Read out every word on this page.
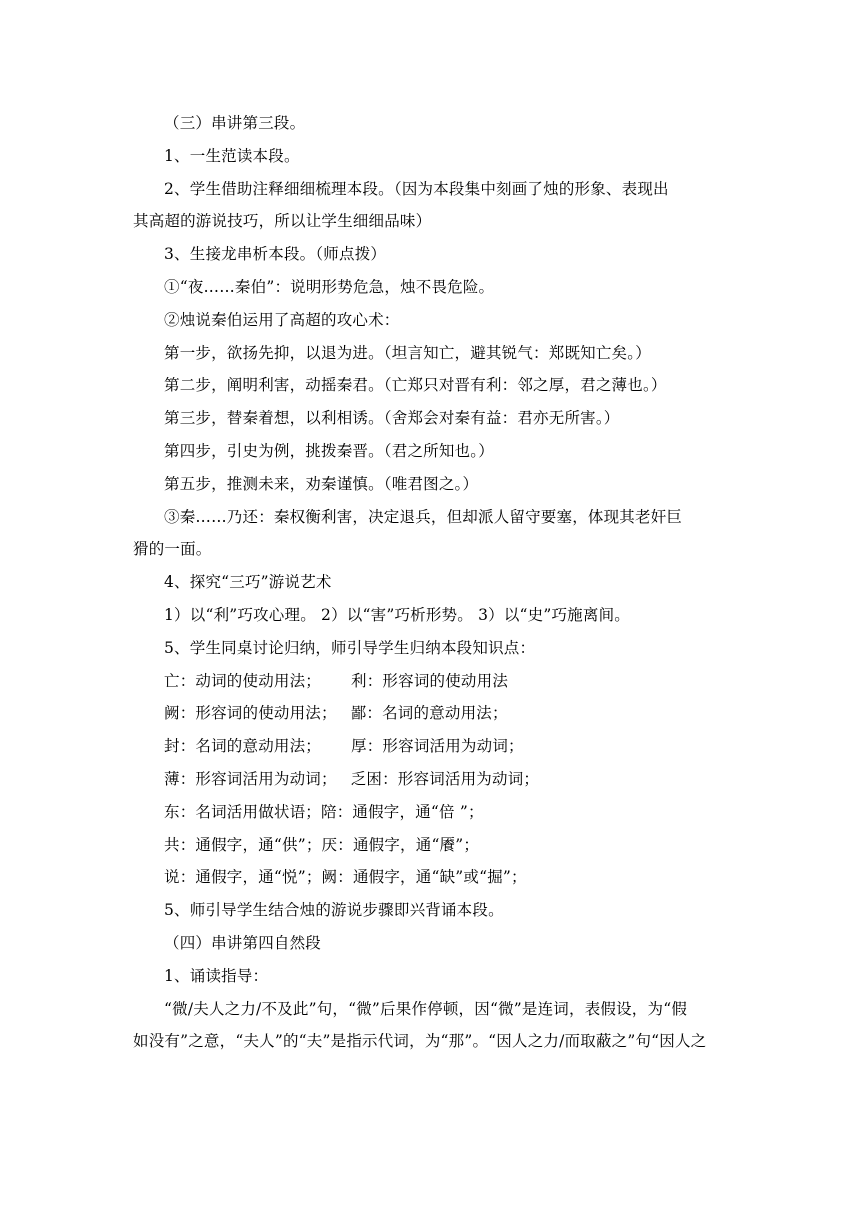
（三）串讲第三段。
1、一生范读本段。
2、学生借助注释细细梳理本段。（因为本段集中刻画了烛的形象、表现出
其高超的游说技巧，所以让学生细细品味）
3、生接龙串析本段。（师点拨）
①“夜……秦伯”：说明形势危急，烛不畏危险。
②烛说秦伯运用了高超的攻心术：
第一步，欲扬先抑，以退为进。（坦言知亡，避其锐气：郑既知亡矣。）
第二步，阐明利害，动摇秦君。（亡郑只对晋有利：邻之厚，君之薄也。）
第三步，替秦着想，以利相诱。（舍郑会对秦有益：君亦无所害。）
第四步，引史为例，挑拨秦晋。（君之所知也。）
第五步，推测未来，劝秦谨慎。（唯君图之。）
③秦……乃还：秦权衡利害，决定退兵，但却派人留守要塞，体现其老奸巨
猾的一面。
4、探究“三巧”游说艺术
1）以“利”巧攻心理。 2）以“害”巧析形势。 3）以“史”巧施离间。
5、学生同桌讨论归纳，师引导学生归纳本段知识点：
亡：动词的使动用法； 利：形容词的使动用法
阙：形容词的使动用法； 鄙：名词的意动用法；
封：名词的意动用法； 厚：形容词活用为动词；
薄：形容词活用为动词； 乏困：形容词活用为动词；
东：名词活用做状语；陪：通假字，通“倍 ”；
共：通假字，通“供”；厌：通假字，通“餍”；
说：通假字，通“悦”；阙：通假字，通“缺”或“掘”；
5、师引导学生结合烛的游说步骤即兴背诵本段。
（四）串讲第四自然段
1、诵读指导：
“微/夫人之力/不及此”句，“微”后果作停顿，因“微”是连词，表假设，为“假
如没有”之意，“夫人”的“夫”是指示代词，为“那”。“因人之力/而取蔽之”句“因人之
